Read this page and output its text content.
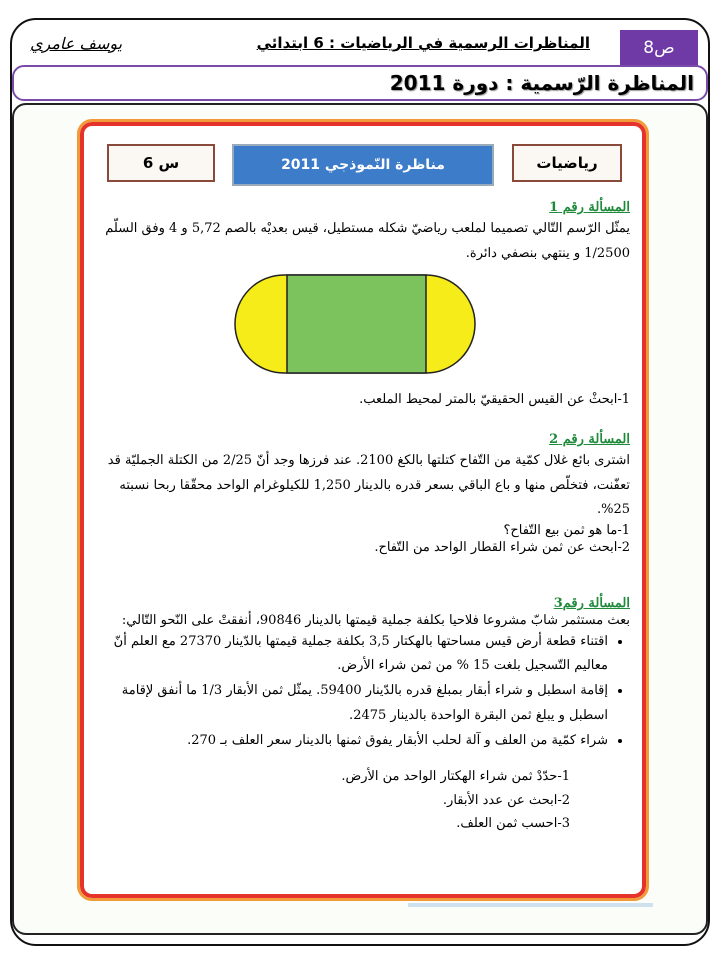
ص8
المناظرات الرسمية في الرياضيات : 6 ابتدائي
يوسف عامري
المناظرة الرّسمية : دورة 2011
رياضيات
مناظرة النّموذجي 2011
س 6
المسألة رقم 1
يمثّل الرّسم التّالي تصميما لملعب رياضيّ شكله مستطيل، قيس بعديْه بالصم 5,72 و 4 وفق السلّم 1/2500 و ينتهي بنصفي دائرة.
1-ابحثْ عن القيس الحقيقيّ بالمتر لمحيط الملعب.
المسألة رقم 2
اشترى بائع غلال كمّية من التّفاح كتلتها بالكغ 2100. عند فرزها وجد أنّ 2/25 من الكتلة الجمليّة قد تعفّنت، فتخلّص منها و باع الباقي بسعر قدره بالدينار 1,250 للكيلوغرام الواحد محقّقا ربحا نسبته 25%.
1-ما هو ثمن بيع التّفاح؟
2-ابحث عن ثمن شراء القطار الواحد من التّفاح.
المسألة رقم3
بعث مستثمر شابّ مشروعا فلاحيا بكلفة جملية قيمتها بالدينار 90846، أنفقتْ على النّحو التّالي:
• اقتناء قطعة أرض قيس مساحتها بالهكتار 3,5 بكلفة جملية قيمتها بالدّينار 27370 مع العلم أنّ معاليم التّسجيل بلغت 15 % من ثمن شراء الأرض.
• إقامة اسطبل و شراء أبقار بمبلغ قدره بالدّينار 59400. يمثّل ثمن الأبقار 1/3 ما أنفق لإقامة اسطبل و يبلغ ثمن البقرة الواحدة بالدينار 2475.
• شراء كمّية من العلف و آلة لحلب الأبقار يفوق ثمنها بالدينار سعر العلف بـ 270.
1-حدّدْ ثمن شراء الهكتار الواحد من الأرض.
2-ابحث عن عدد الأبقار.
3-احسب ثمن العلف.
